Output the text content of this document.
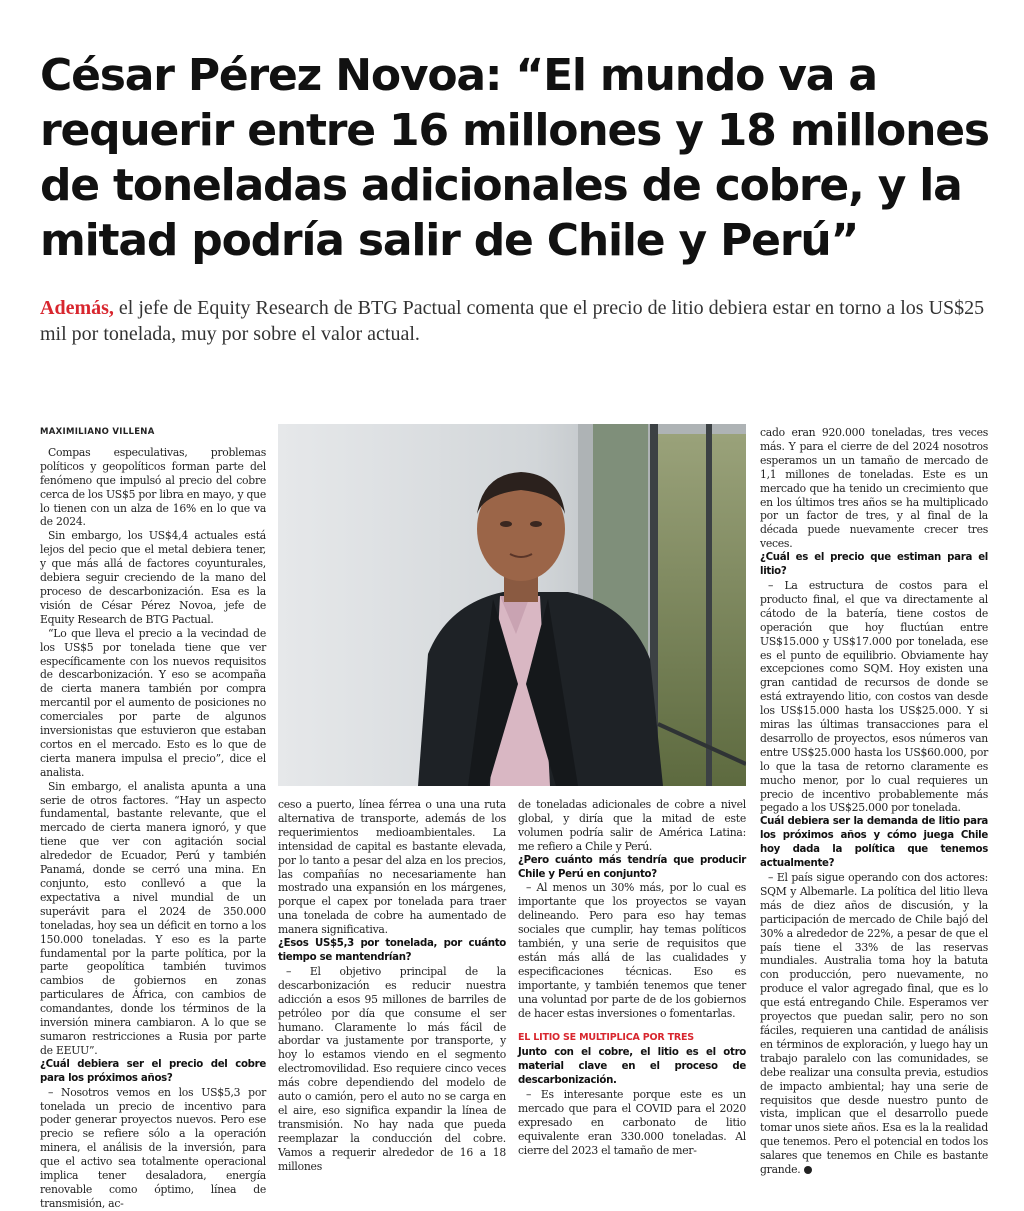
César Pérez Novoa: “El mundo va a requerir entre 16 millones y 18 millones de toneladas adicionales de cobre, y la mitad podría salir de Chile y Perú”

Además, el jefe de Equity Research de BTG Pactual comenta que el precio de litio debiera estar en torno a los US$25 mil por tonelada, muy por sobre el valor actual.

MAXIMILIANO VILLENA

Compas especulativas, problemas políticos y geopolíticos forman parte del fenómeno que impulsó al precio del cobre cerca de los US$5 por libra en mayo, y que lo tienen con un alza de 16% en lo que va de 2024.

Sin embargo, los US$4,4 actuales está lejos del pecio que el metal debiera tener, y que más allá de factores coyunturales, debiera seguir creciendo de la mano del proceso de descarbonización. Esa es la visión de César Pérez Novoa, jefe de Equity Research de BTG Pactual.

“Lo que lleva el precio a la vecindad de los US$5 por tonelada tiene que ver específicamente con los nuevos requisitos de descarbonización. Y eso se acompaña de cierta manera también por compra mercantil por el aumento de posiciones no comerciales por parte de algunos inversionistas que estuvieron que estaban cortos en el mercado. Esto es lo que de cierta manera impulsa el precio”, dice el analista.

Sin embargo, el analista apunta a una serie de otros factores. “Hay un aspecto fundamental, bastante relevante, que el mercado de cierta manera ignoró, y que tiene que ver con agitación social alrededor de Ecuador, Perú y también Panamá, donde se cerró una mina. En conjunto, esto conllevó a que la expectativa a nivel mundial de un superávit para el 2024 de 350.000 toneladas, hoy sea un déficit en torno a los 150.000 toneladas. Y eso es la parte fundamental por la parte política, por la parte geopolítica también tuvimos cambios de gobiernos en zonas particulares de África, con cambios de comandantes, donde los términos de la inversión minera cambiaron. A lo que se sumaron restricciones a Rusia por parte de EEUU”.

¿Cuál debiera ser el precio del cobre para los próximos años?

– Nosotros vemos en los US$5,3 por tonelada un precio de incentivo para poder generar proyectos nuevos. Pero ese precio se refiere sólo a la operación minera, el análisis de la inversión, para que el activo sea totalmente operacional implica tener desaladora, energía renovable como óptimo, línea de transmisión, ac-

ceso a puerto, línea férrea o una una ruta alternativa de transporte, además de los requerimientos medioambientales. La intensidad de capital es bastante elevada, por lo tanto a pesar del alza en los precios, las compañías no necesariamente han mostrado una expansión en los márgenes, porque el capex por tonelada para traer una tonelada de cobre ha aumentado de manera significativa.

¿Esos US$5,3 por tonelada, por cuánto tiempo se mantendrían?

– El objetivo principal de la descarbonización es reducir nuestra adicción a esos 95 millones de barriles de petróleo por día que consume el ser humano. Claramente lo más fácil de abordar va justamente por transporte, y hoy lo estamos viendo en el segmento electromovilidad. Eso requiere cinco veces más cobre dependiendo del modelo de auto o camión, pero el auto no se carga en el aire, eso significa expandir la línea de transmisión. No hay nada que pueda reemplazar la conducción del cobre. Vamos a requerir alrededor de 16 a 18 millones

de toneladas adicionales de cobre a nivel global, y diría que la mitad de este volumen podría salir de América Latina: me refiero a Chile y Perú.

¿Pero cuánto más tendría que producir Chile y Perú en conjunto?

– Al menos un 30% más, por lo cual es importante que los proyectos se vayan delineando. Pero para eso hay temas sociales que cumplir, hay temas políticos también, y una serie de requisitos que están más allá de las cualidades y especificaciones técnicas. Eso es importante, y también tenemos que tener una voluntad por parte de de los gobiernos de hacer estas inversiones o fomentarlas.

EL LITIO SE MULTIPLICA POR TRES

Junto con el cobre, el litio es el otro material clave en el proceso de descarbonización.

– Es interesante porque este es un mercado que para el COVID para el 2020 expresado en carbonato de litio equivalente eran 330.000 toneladas. Al cierre del 2023 el tamaño de mer-

cado eran 920.000 toneladas, tres veces más. Y para el cierre de del 2024 nosotros esperamos un un tamaño de mercado de 1,1 millones de toneladas. Este es un mercado que ha tenido un crecimiento que en los últimos tres años se ha multiplicado por un factor de tres, y al final de la década puede nuevamente crecer tres veces.

¿Cuál es el precio que estiman para el litio?

– La estructura de costos para el producto final, el que va directamente al cátodo de la batería, tiene costos de operación que hoy fluctúan entre US$15.000 y US$17.000 por tonelada, ese es el punto de equilibrio. Obviamente hay excepciones como SQM. Hoy existen una gran cantidad de recursos de donde se está extrayendo litio, con costos van desde los US$15.000 hasta los US$25.000. Y si miras las últimas transacciones para el desarrollo de proyectos, esos números van entre US$25.000 hasta los US$60.000, por lo que la tasa de retorno claramente es mucho menor, por lo cual requieres un precio de incentivo probablemente más pegado a los US$25.000 por tonelada.

Cuál debiera ser la demanda de litio para los próximos años y cómo juega Chile hoy dada la política que tenemos actualmente?

– El país sigue operando con dos actores: SQM y Albemarle. La política del litio lleva más de diez años de discusión, y la participación de mercado de Chile bajó del 30% a alrededor de 22%, a pesar de que el país tiene el 33% de las reservas mundiales. Australia toma hoy la batuta con producción, pero nuevamente, no produce el valor agregado final, que es lo que está entregando Chile. Esperamos ver proyectos que puedan salir, pero no son fáciles, requieren una cantidad de análisis en términos de exploración, y luego hay un trabajo paralelo con las comunidades, se debe realizar una consulta previa, estudios de impacto ambiental; hay una serie de requisitos que desde nuestro punto de vista, implican que el desarrollo puede tomar unos siete años. Esa es la la realidad que tenemos. Pero el potencial en todos los salares que tenemos en Chile es bastante grande. P
